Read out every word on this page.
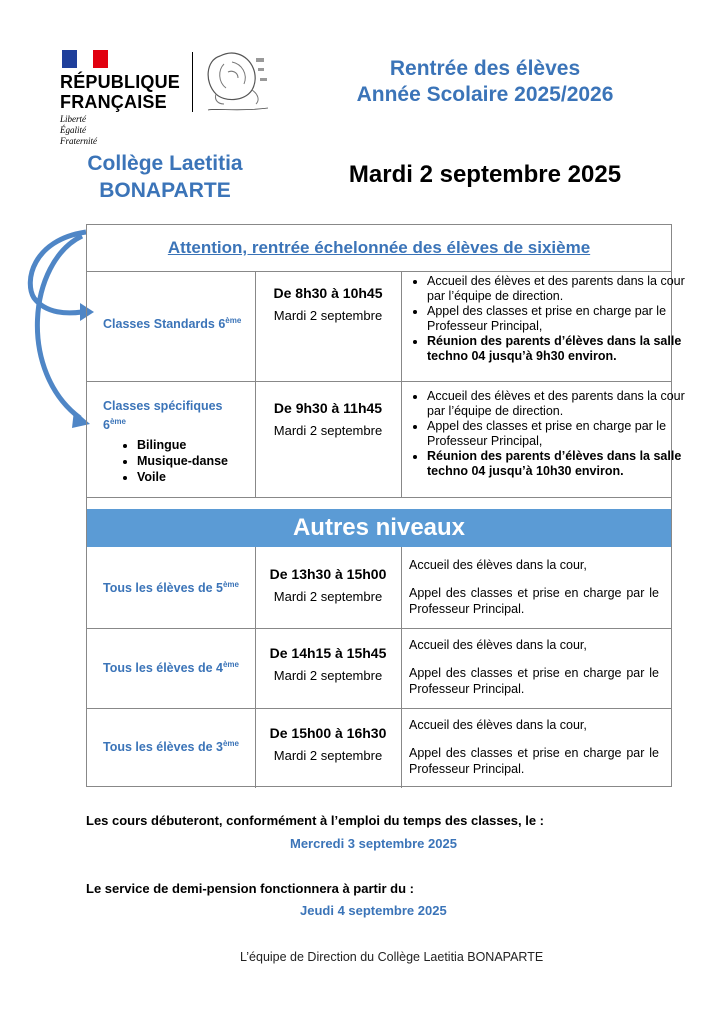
RÉPUBLIQUE
FRANÇAISE
Liberté
Égalité
Fraternité
Rentrée des élèves
Année Scolaire 2025/2026
Collège Laetitia
BONAPARTE
Mardi 2 septembre 2025
Attention, rentrée échelonnée des élèves de sixième
Classes Standards 6ème
De 8h30 à 10h45
Mardi 2 septembre
• Accueil des élèves et des parents dans la cour par l’équipe de direction.
• Appel des classes et prise en charge par le Professeur Principal,
• Réunion des parents d’élèves dans la salle techno 04 jusqu’à 9h30 environ.
Classes spécifiques 6ème
• Bilingue
• Musique-danse
• Voile
De 9h30 à 11h45
Mardi 2 septembre
• Accueil des élèves et des parents dans la cour par l’équipe de direction.
• Appel des classes et prise en charge par le Professeur Principal,
• Réunion des parents d’élèves dans la salle techno 04 jusqu’à 10h30 environ.
Autres niveaux
Tous les élèves de 5ème
De 13h30 à 15h00
Mardi 2 septembre
Accueil des élèves dans la cour,
Appel des classes et prise en charge par le Professeur Principal.
Tous les élèves de 4ème
De 14h15 à 15h45
Mardi 2 septembre
Accueil des élèves dans la cour,
Appel des classes et prise en charge par le Professeur Principal.
Tous les élèves de 3ème
De 15h00 à 16h30
Mardi 2 septembre
Accueil des élèves dans la cour,
Appel des classes et prise en charge par le Professeur Principal.
Les cours débuteront, conformément à l’emploi du temps des classes, le :
Mercredi 3 septembre 2025
Le service de demi-pension fonctionnera à partir du :
Jeudi 4 septembre 2025
L’équipe de Direction du Collège Laetitia BONAPARTE
